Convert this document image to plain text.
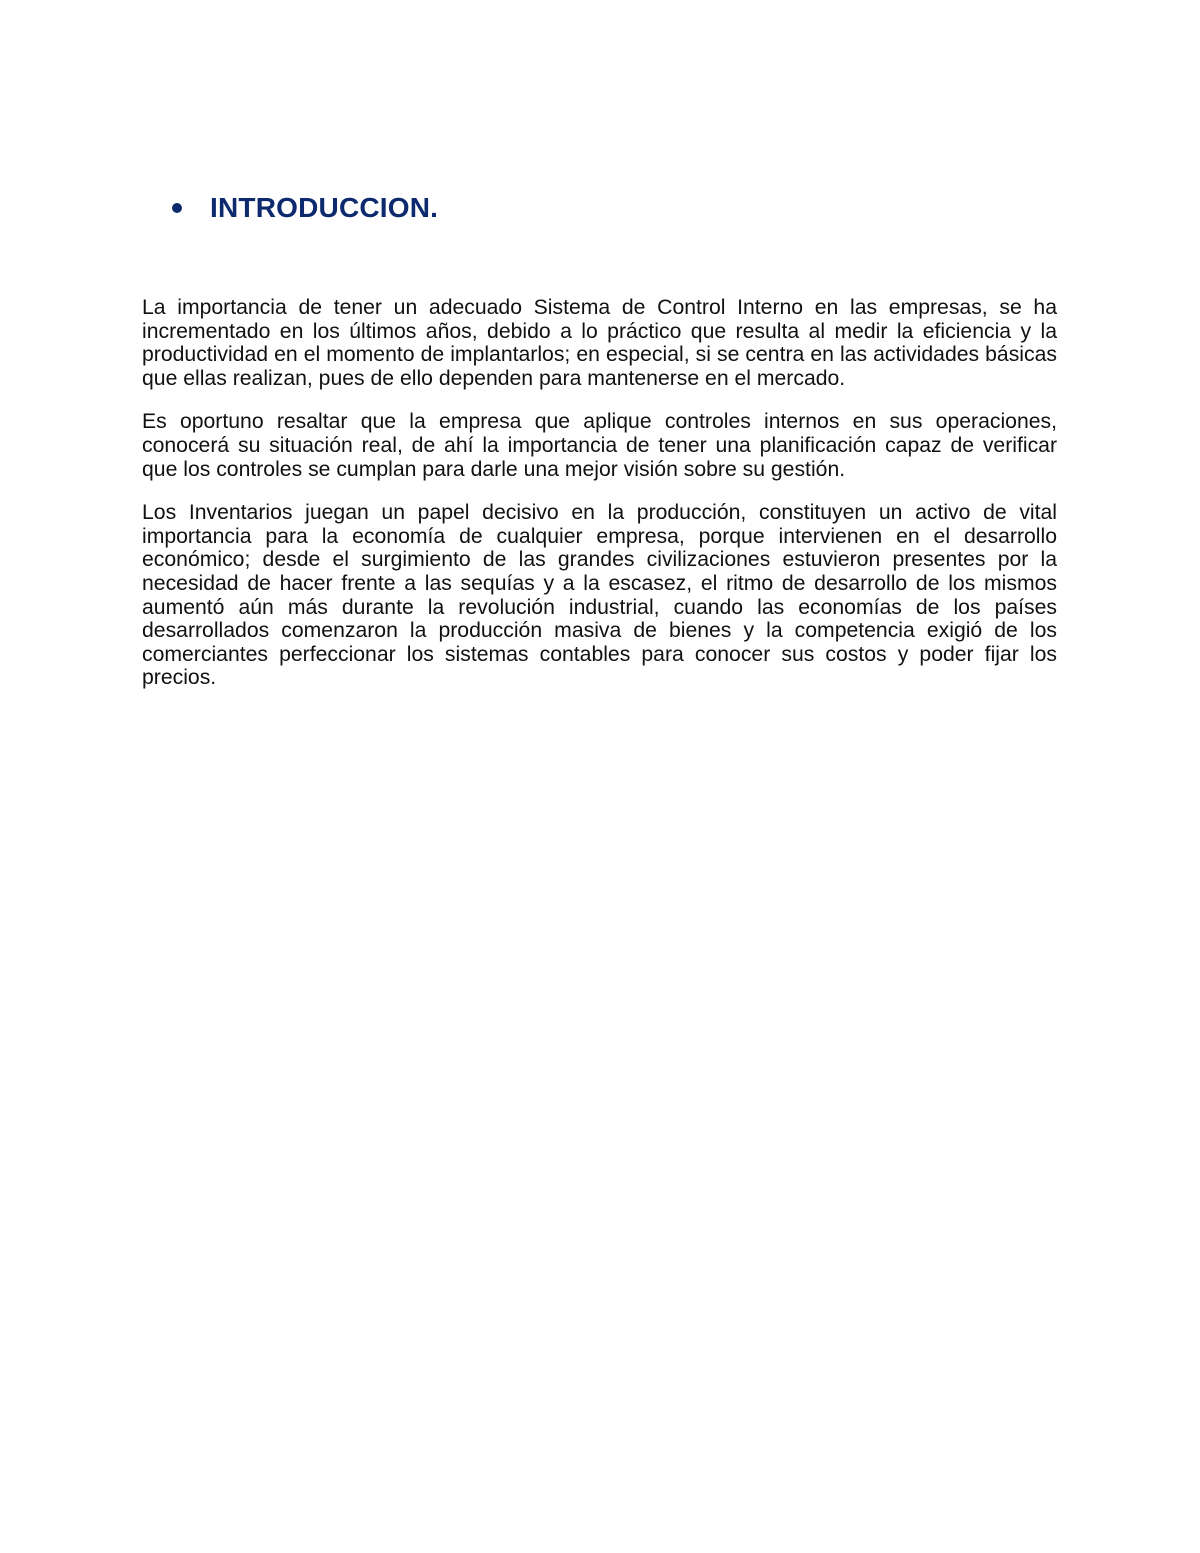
INTRODUCCION.

La importancia de tener un adecuado Sistema de Control Interno en las empresas, se ha incrementado en los últimos años, debido a lo práctico que resulta al medir la eficiencia y la productividad en el momento de implantarlos; en especial, si se centra en las actividades básicas que ellas realizan, pues de ello dependen para mantenerse en el mercado.

Es oportuno resaltar que la empresa que aplique controles internos en sus operaciones, conocerá su situación real, de ahí la importancia de tener una planificación capaz de verificar que los controles se cumplan para darle una mejor visión sobre su gestión.

Los Inventarios juegan un papel decisivo en la producción, constituyen un activo de vital importancia para la economía de cualquier empresa, porque intervienen en el desarrollo económico; desde el surgimiento de las grandes civilizaciones estuvieron presentes por la necesidad de hacer frente a las sequías y a la escasez, el ritmo de desarrollo de los mismos aumentó aún más durante la revolución industrial, cuando las economías de los países desarrollados comenzaron la producción masiva de bienes y la competencia exigió de los comerciantes perfeccionar los sistemas contables para conocer sus costos y poder fijar los precios.
